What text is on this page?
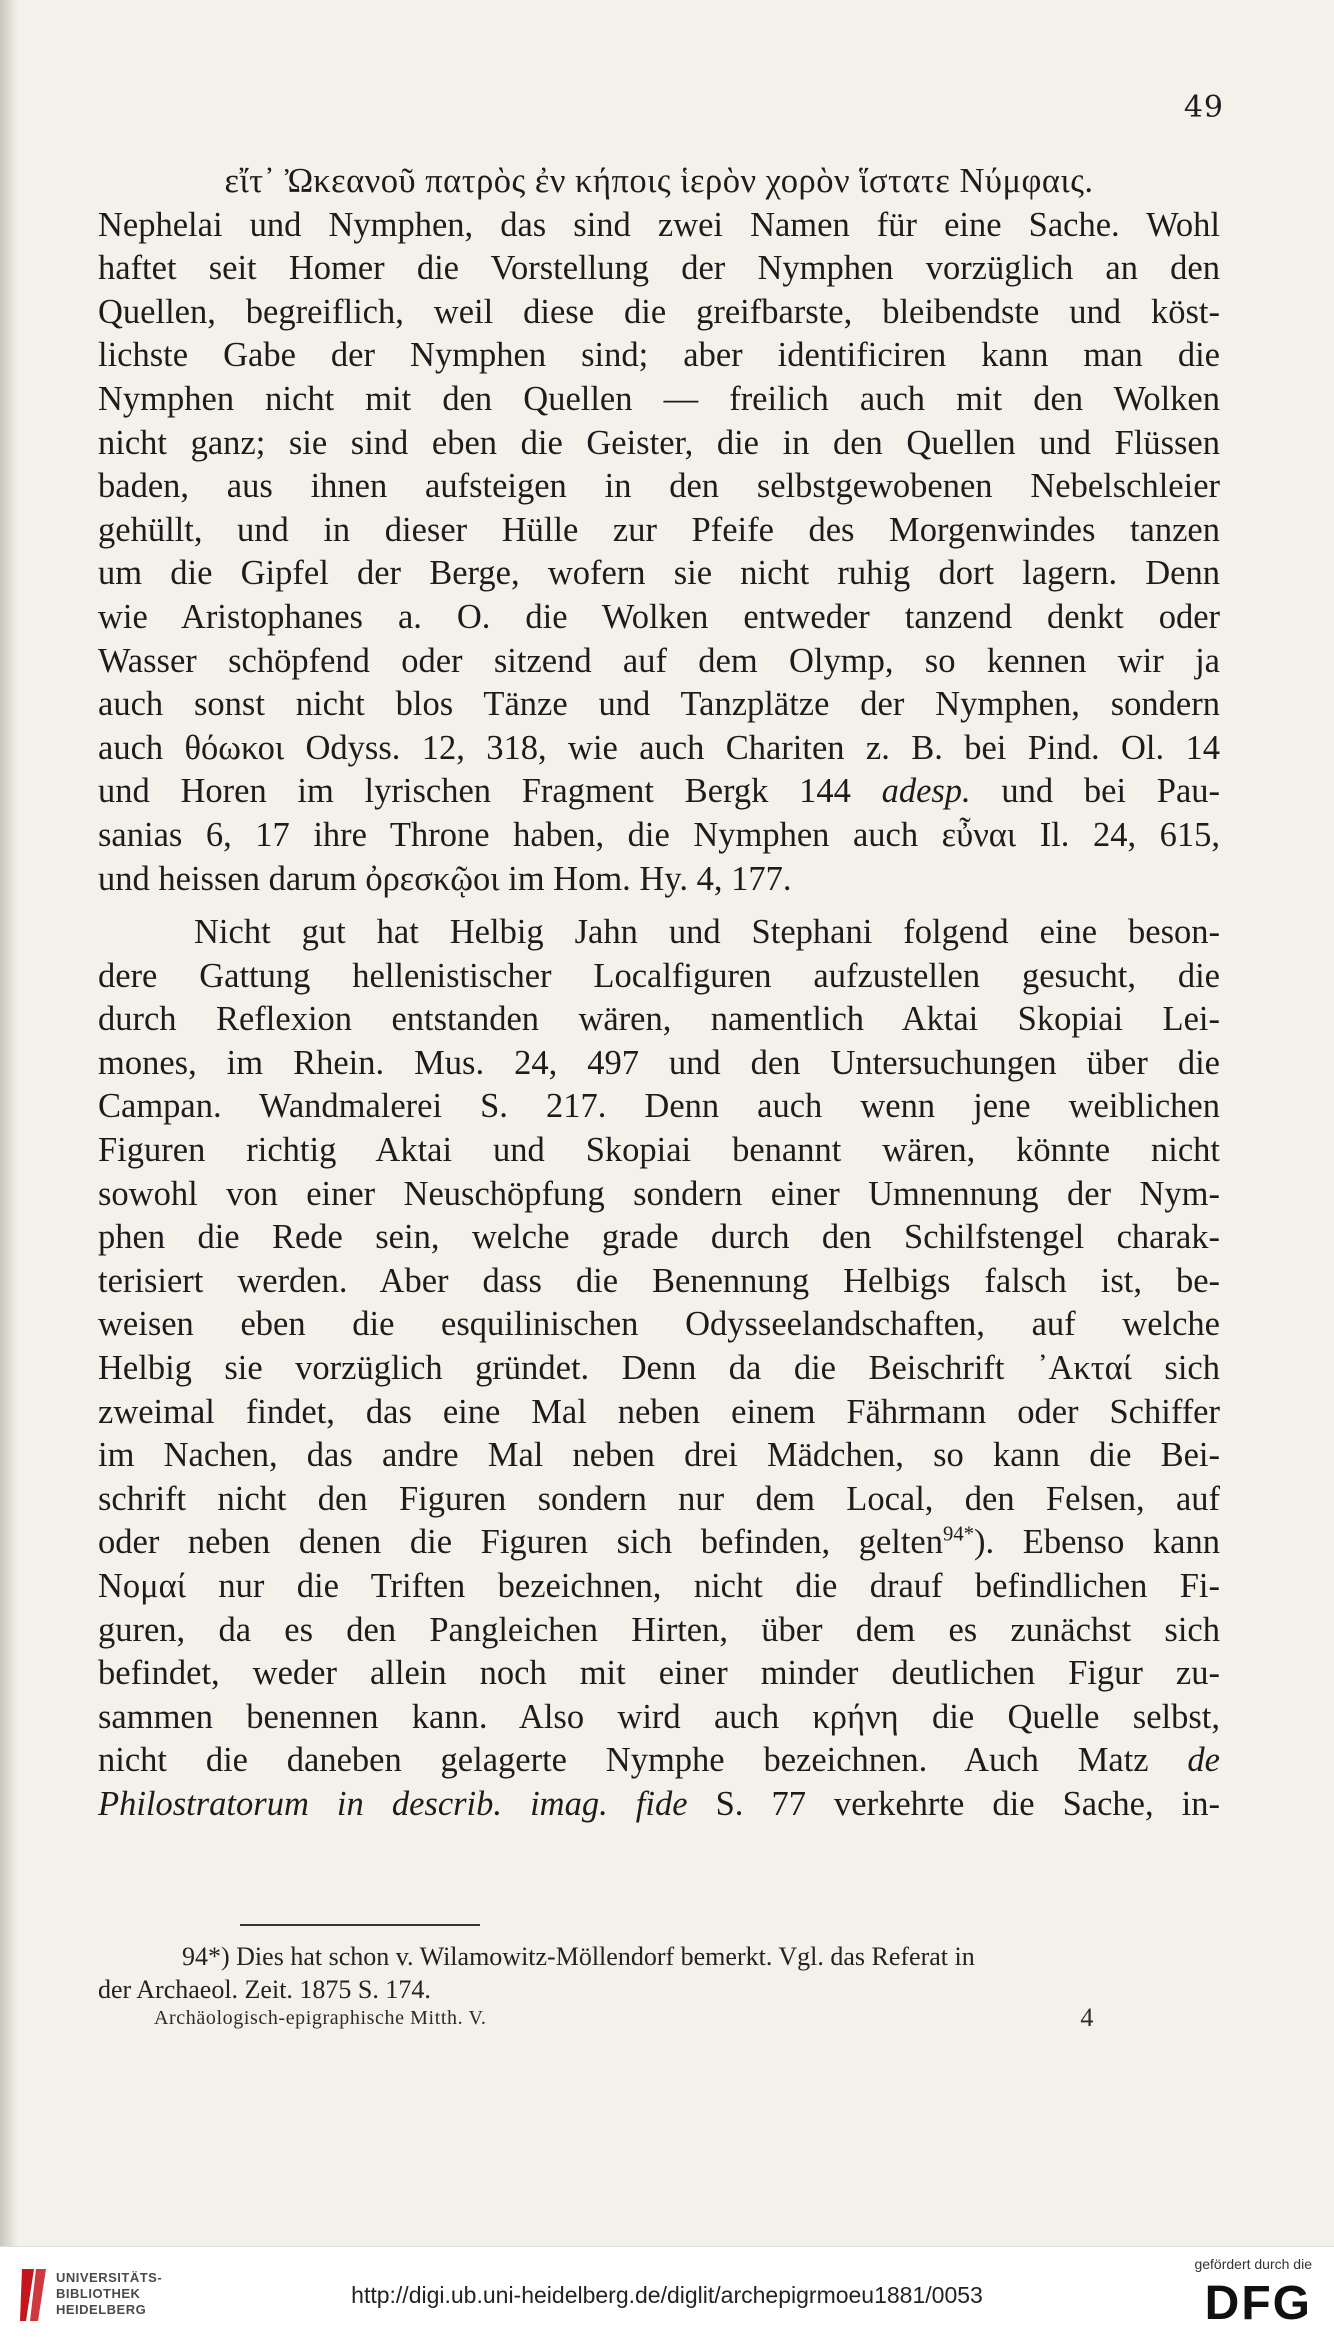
49
εἴτ᾽ Ὠκεανοῦ πατρὸς ἐν κήποις ἱερὸν χορὸν ἵστατε Νύμφαις.
Nephelai und Nymphen, das sind zwei Namen für eine Sache. Wohl
haftet seit Homer die Vorstellung der Nymphen vorzüglich an den
Quellen, begreiflich, weil diese die greifbarste, bleibendste und köst-
lichste Gabe der Nymphen sind; aber identificiren kann man die
Nymphen nicht mit den Quellen — freilich auch mit den Wolken
nicht ganz; sie sind eben die Geister, die in den Quellen und Flüssen
baden, aus ihnen aufsteigen in den selbstgewobenen Nebelschleier
gehüllt, und in dieser Hülle zur Pfeife des Morgenwindes tanzen
um die Gipfel der Berge, wofern sie nicht ruhig dort lagern. Denn
wie Aristophanes a. O. die Wolken entweder tanzend denkt oder
Wasser schöpfend oder sitzend auf dem Olymp, so kennen wir ja
auch sonst nicht blos Tänze und Tanzplätze der Nymphen, sondern
auch θόωκοι Odyss. 12, 318, wie auch Chariten z. B. bei Pind. Ol. 14
und Horen im lyrischen Fragment Bergk 144 adesp. und bei Pau-
sanias 6, 17 ihre Throne haben, die Nymphen auch εὖναι Il. 24, 615,
und heissen darum ὀρεσκῷοι im Hom. Hy. 4, 177.
Nicht gut hat Helbig Jahn und Stephani folgend eine beson-
dere Gattung hellenistischer Localfiguren aufzustellen gesucht, die
durch Reflexion entstanden wären, namentlich Aktai Skopiai Lei-
mones, im Rhein. Mus. 24, 497 und den Untersuchungen über die
Campan. Wandmalerei S. 217. Denn auch wenn jene weiblichen
Figuren richtig Aktai und Skopiai benannt wären, könnte nicht
sowohl von einer Neuschöpfung sondern einer Umnennung der Nym-
phen die Rede sein, welche grade durch den Schilfstengel charak-
terisiert werden. Aber dass die Benennung Helbigs falsch ist, be-
weisen eben die esquilinischen Odysseelandschaften, auf welche
Helbig sie vorzüglich gründet. Denn da die Beischrift ᾽Ακταί sich
zweimal findet, das eine Mal neben einem Fährmann oder Schiffer
im Nachen, das andre Mal neben drei Mädchen, so kann die Bei-
schrift nicht den Figuren sondern nur dem Local, den Felsen, auf
oder neben denen die Figuren sich befinden, gelten$^{94*}$). Ebenso kann
Νομαί nur die Triften bezeichnen, nicht die drauf befindlichen Fi-
guren, da es den Pangleichen Hirten, über dem es zunächst sich
befindet, weder allein noch mit einer minder deutlichen Figur zu-
sammen benennen kann. Also wird auch κρήνη die Quelle selbst,
nicht die daneben gelagerte Nymphe bezeichnen. Auch Matz de
Philostratorum in describ. imag. fide S. 77 verkehrte die Sache, in-
94*) Dies hat schon v. Wilamowitz-Möllendorf bemerkt. Vgl. das Referat in
der Archaeol. Zeit. 1875 S. 174.
Archäologisch-epigraphische Mitth. V.	4
UNIVERSITÄTS-
BIBLIOTHEK
HEIDELBERG
http://digi.ub.uni-heidelberg.de/diglit/archepigrmoeu1881/0053
gefördert durch die
DFG
